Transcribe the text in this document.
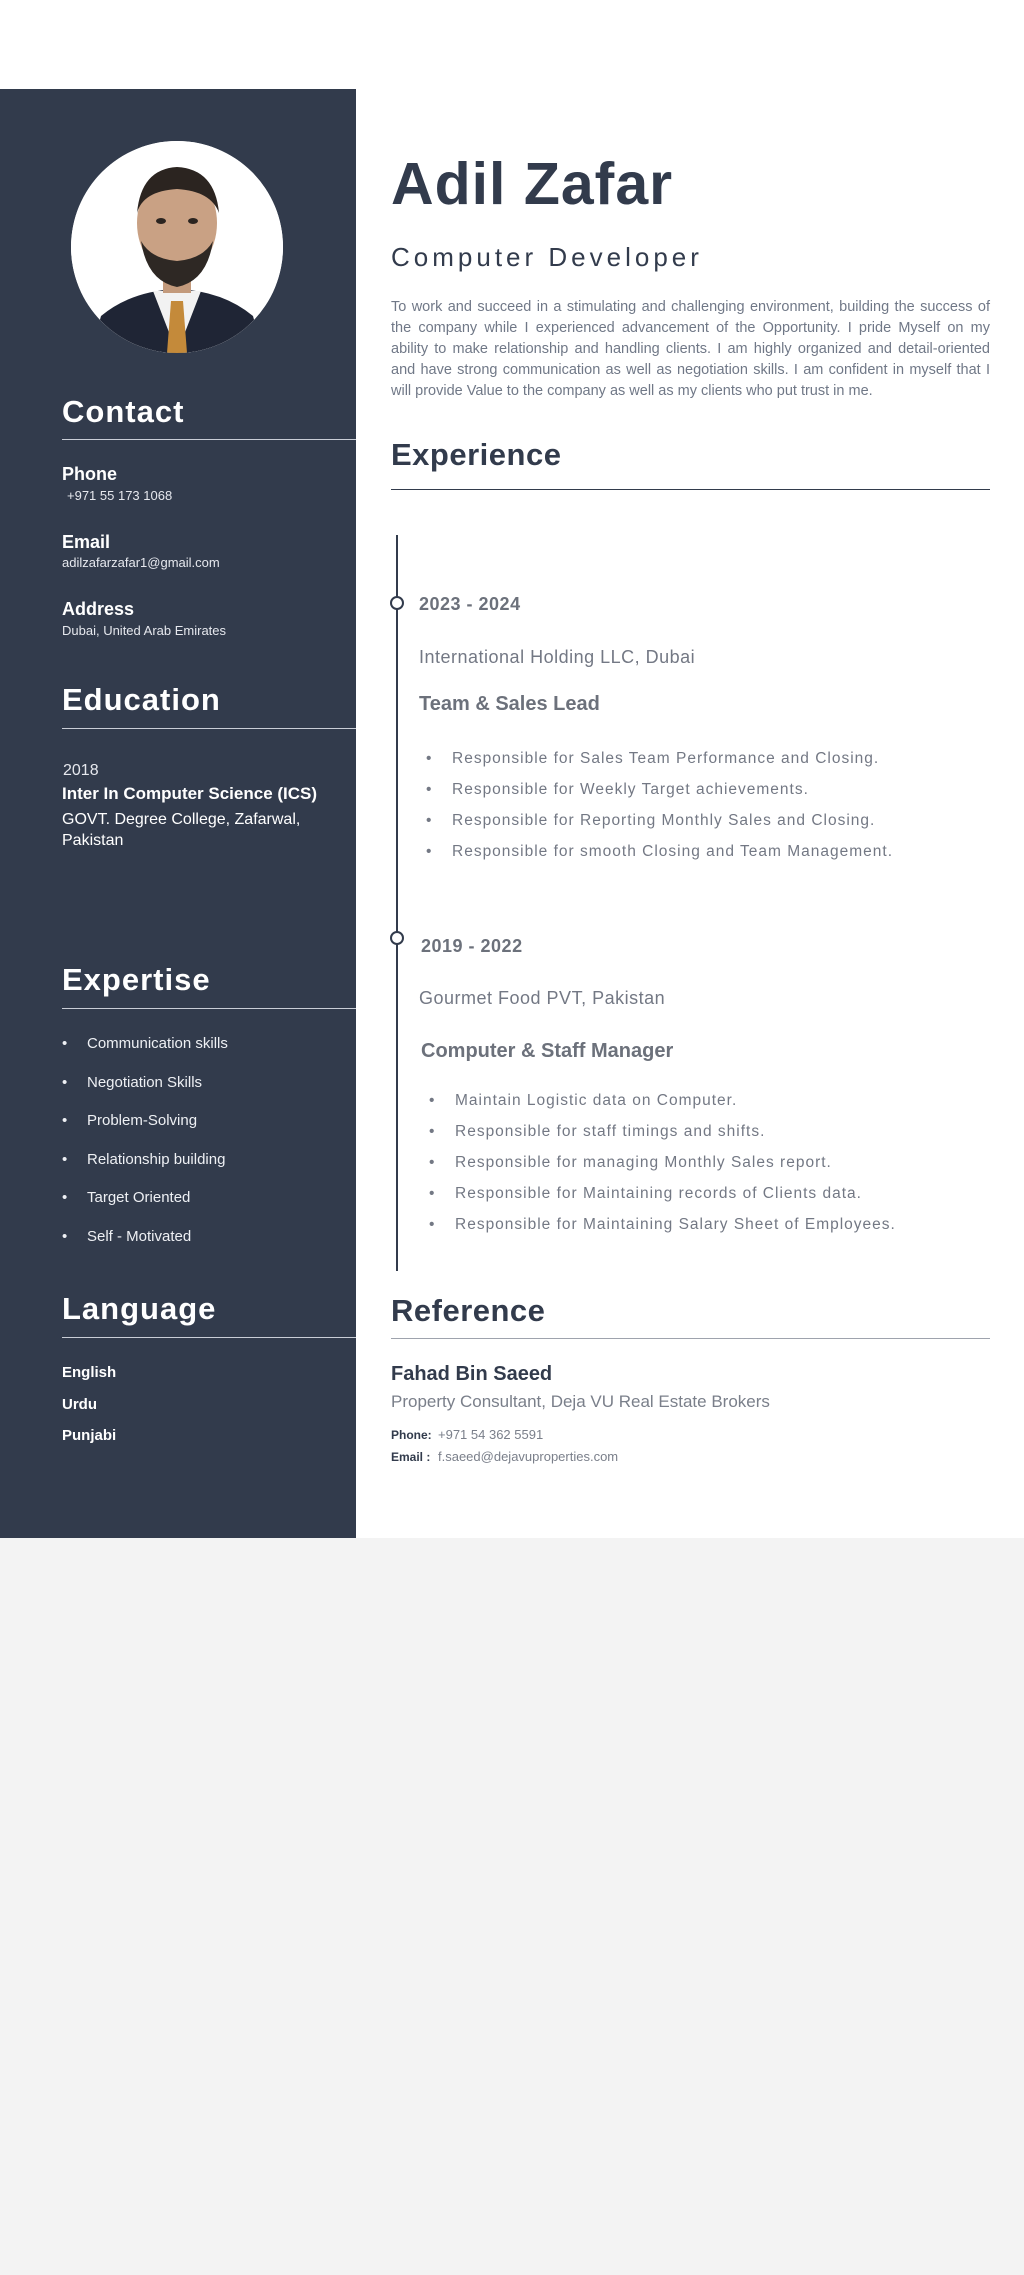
Contact
Phone
+971 55 173 1068
Email
adilzafarzafar1@gmail.com
Address
Dubai, United Arab Emirates
Education
2018
Inter In Computer Science (ICS)
GOVT. Degree College, Zafarwal, Pakistan
Expertise
• Communication skills
• Negotiation Skills
• Problem-Solving
• Relationship building
• Target Oriented
• Self - Motivated
Language
English
Urdu
Punjabi
Adil Zafar
Computer Developer

To work and succeed in a stimulating and challenging environment, building the success of the company while I experienced advancement of the Opportunity. I pride Myself on my ability to make relationship and handling clients. I am highly organized and detail-oriented and have strong communication as well as negotiation skills. I am confident in myself that I will provide Value to the company as well as my clients who put trust in me.

Experience
2023 - 2024
International Holding LLC, Dubai
Team & Sales Lead
• Responsible for Sales Team Performance and Closing.
• Responsible for Weekly Target achievements.
• Responsible for Reporting Monthly Sales and Closing.
• Responsible for smooth Closing and Team Management.
2019 - 2022
Gourmet Food PVT, Pakistan
Computer & Staff Manager
• Maintain Logistic data on Computer.
• Responsible for staff timings and shifts.
• Responsible for managing Monthly Sales report.
• Responsible for Maintaining records of Clients data.
• Responsible for Maintaining Salary Sheet of Employees.
Reference
Fahad Bin Saeed
Property Consultant, Deja VU Real Estate Brokers
Phone: +971 54 362 5591
Email : f.saeed@dejavuproperties.com
